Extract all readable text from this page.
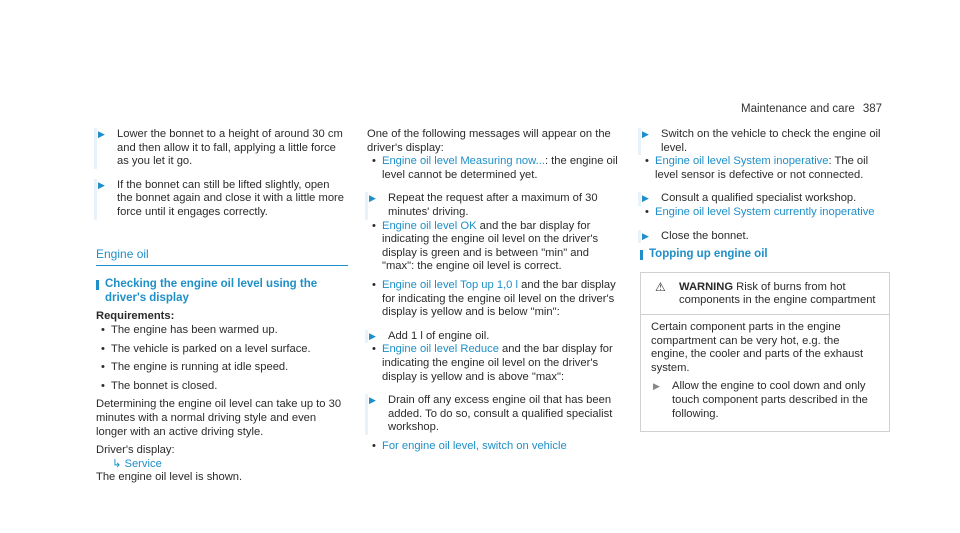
Maintenance and care 387
▶ Lower the bonnet to a height of around 30 cm and then allow it to fall, applying a little force as you let it go.
▶ If the bonnet can still be lifted slightly, open the bonnet again and close it with a little more force until it engages correctly.
Engine oil
Checking the engine oil level using the driver's display
Requirements:
• The engine has been warmed up.
• The vehicle is parked on a level surface.
• The engine is running at idle speed.
• The bonnet is closed.
Determining the engine oil level can take up to 30 minutes with a normal driving style and even longer with an active driving style.
Driver's display:
↳ Service
The engine oil level is shown.
One of the following messages will appear on the driver's display:
• Engine oil level Measuring now...: the engine oil level cannot be determined yet.
▶ Repeat the request after a maximum of 30 minutes' driving.
• Engine oil level OK and the bar display for indicating the engine oil level on the driver's display is green and is between "min" and "max": the engine oil level is correct.
• Engine oil level Top up 1,0 l and the bar display for indicating the engine oil level on the driver's display is yellow and is below "min":
▶ Add 1 l of engine oil.
• Engine oil level Reduce and the bar display for indicating the engine oil level on the driver's display is yellow and is above "max":
▶ Drain off any excess engine oil that has been added. To do so, consult a qualified specialist workshop.
• For engine oil level, switch on vehicle
▶ Switch on the vehicle to check the engine oil level.
• Engine oil level System inoperative: The oil level sensor is defective or not connected.
▶ Consult a qualified specialist workshop.
• Engine oil level System currently inoperative
▶ Close the bonnet.
Topping up engine oil
⚠ WARNING Risk of burns from hot components in the engine compartment
Certain component parts in the engine compartment can be very hot, e.g. the engine, the cooler and parts of the exhaust system.
▶ Allow the engine to cool down and only touch component parts described in the following.
